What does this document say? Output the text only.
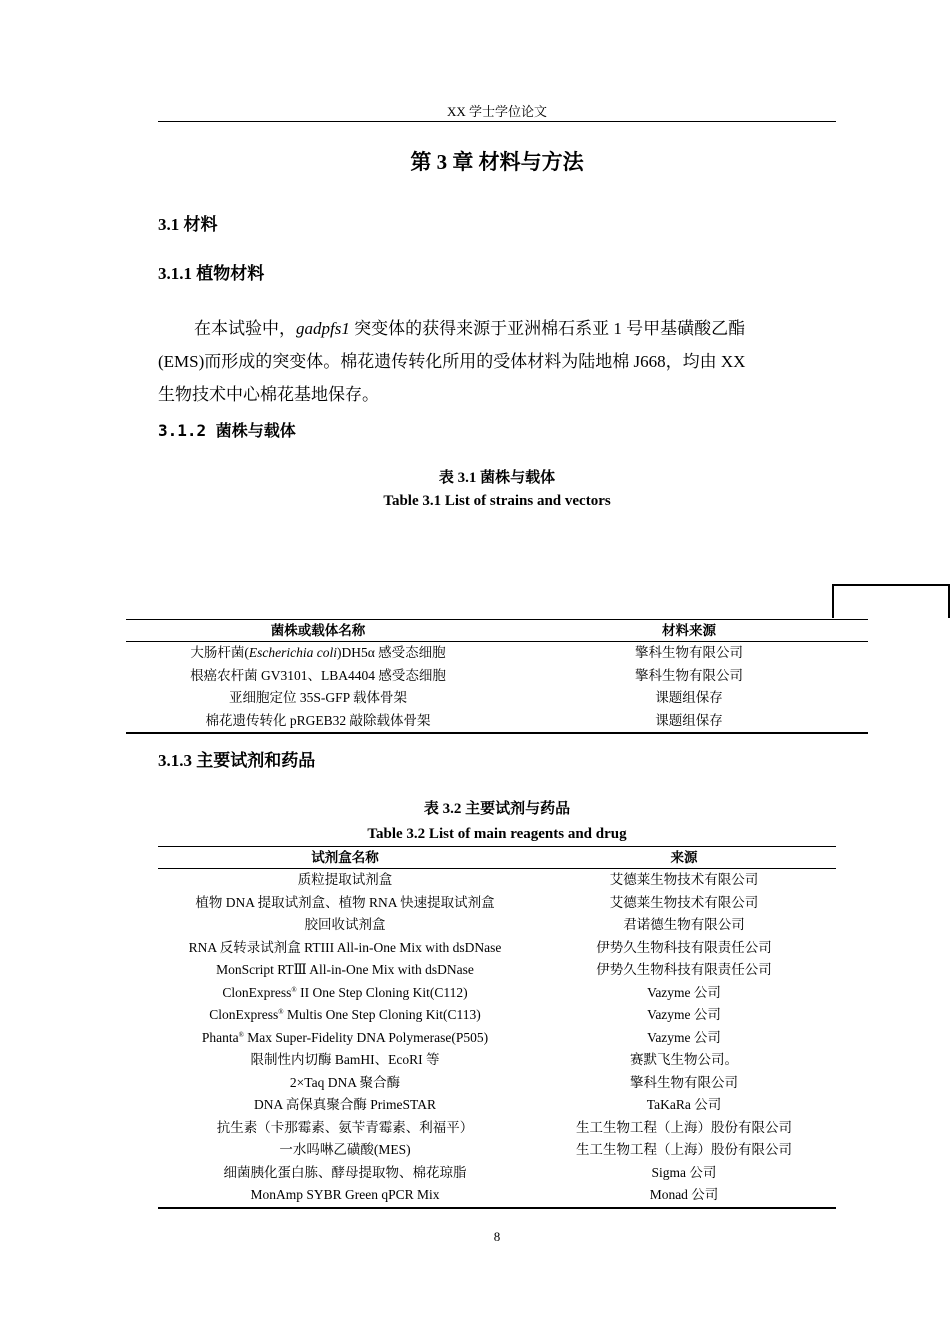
XX 学士学位论文
第 3 章 材料与方法
3.1 材料
3.1.1 植物材料
在本试验中，gadpfs1 突变体的获得来源于亚洲棉石系亚 1 号甲基磺酸乙酯
(EMS)而形成的突变体。棉花遗传转化所用的受体材料为陆地棉 J668，均由 XX
生物技术中心棉花基地保存。
3.1.2 菌株与载体
表 3.1 菌株与载体
Table 3.1 List of strains and vectors
菌株或载体名称	材料来源
大肠杆菌(Escherichia coli)DH5α 感受态细胞	擎科生物有限公司
根癌农杆菌 GV3101、LBA4404 感受态细胞	擎科生物有限公司
亚细胞定位 35S-GFP 载体骨架	课题组保存
棉花遗传转化 pRGEB32 敲除载体骨架	课题组保存
3.1.3 主要试剂和药品
表 3.2 主要试剂与药品
Table 3.2 List of main reagents and drug
试剂盒名称	来源
质粒提取试剂盒	艾德莱生物技术有限公司
植物 DNA 提取试剂盒、植物 RNA 快速提取试剂盒	艾德莱生物技术有限公司
胶回收试剂盒	君诺德生物有限公司
RNA 反转录试剂盒 RTIII All-in-One Mix with dsDNase	伊势久生物科技有限责任公司
MonScript RTⅢ All-in-One Mix with dsDNase	伊势久生物科技有限责任公司
ClonExpress® II One Step Cloning Kit(C112)	Vazyme 公司
ClonExpress® Multis One Step Cloning Kit(C113)	Vazyme 公司
Phanta® Max Super-Fidelity DNA Polymerase(P505)	Vazyme 公司
限制性内切酶 BamHI、EcoRI 等	赛默飞生物公司。
2×Taq DNA 聚合酶	擎科生物有限公司
DNA 高保真聚合酶 PrimeSTAR	TaKaRa 公司
抗生素（卡那霉素、氨苄青霉素、利福平）	生工生物工程（上海）股份有限公司
一水吗啉乙磺酸(MES)	生工生物工程（上海）股份有限公司
细菌胰化蛋白胨、酵母提取物、棉花琼脂	Sigma 公司
MonAmp SYBR Green qPCR Mix	Monad 公司
8
